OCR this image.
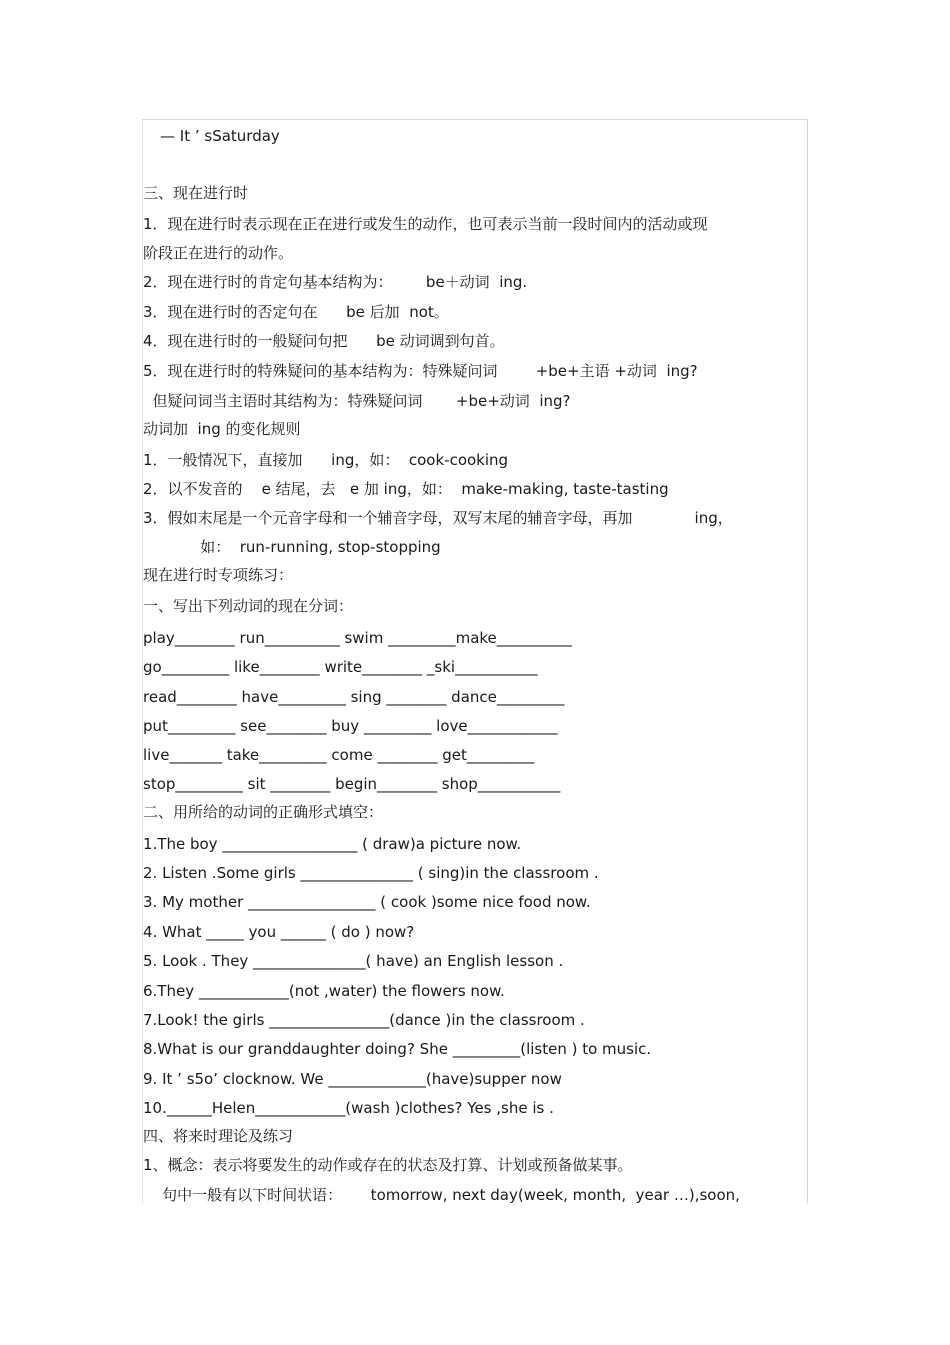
— It ’ sSaturday

三、现在进行时

1．现在进行时表示现在正在进行或发生的动作，也可表示当前一段时间内的活动或现

阶段正在进行的动作。

2．现在进行时的肯定句基本结构为：       be＋动词  ing.

3．现在进行时的否定句在      be 后加  not。

4．现在进行时的一般疑问句把      be 动词调到句首。

5．现在进行时的特殊疑问的基本结构为：特殊疑问词        +be+主语 +动词  ing?

但疑问词当主语时其结构为：特殊疑问词       +be+动词  ing?

动词加  ing 的变化规则

1．一般情况下，直接加      ing，如：  cook-cooking

2．以不发音的    e 结尾，去   e 加 ing，如：  make-making, taste-tasting

3．假如末尾是一个元音字母和一个辅音字母，双写末尾的辅音字母，再加             ing，

如：  run-running, stop-stopping

现在进行时专项练习：

一、写出下列动词的现在分词：

play________ run__________ swim _________make__________

go_________ like________ write________ _ski___________

read________ have_________ sing ________ dance_________

put_________ see________ buy _________ love____________

live_______ take_________ come ________ get_________

stop_________ sit ________ begin________ shop___________

二、用所给的动词的正确形式填空：

1.The boy __________________ ( draw)a picture now.

2. Listen .Some girls _______________ ( sing)in the classroom .

3. My mother _________________ ( cook )some nice food now.

4. What _____ you ______ ( do ) now?

5. Look . They _______________( have) an English lesson .

6.They ____________(not ,water) the flowers now.

7.Look! the girls ________________(dance )in the classroom .

8.What is our granddaughter doing? She _________(listen ) to music.

9. It ’ s5o’ clocknow. We _____________(have)supper now

10.______Helen____________(wash )clothes? Yes ,she is .

四、将来时理论及练习

1、概念：表示将要发生的动作或存在的状态及打算、计划或预备做某事。

句中一般有以下时间状语：      tomorrow, next day(week, month,  year …),soon,
